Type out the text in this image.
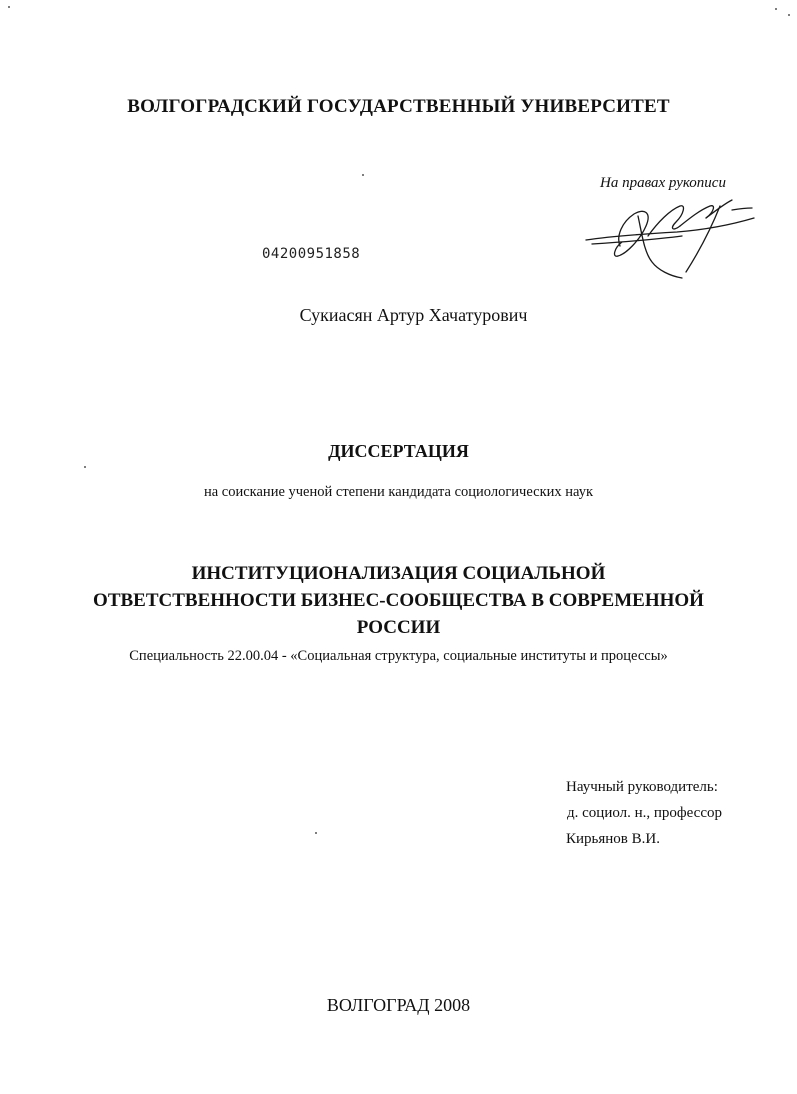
ВОЛГОГРАДСКИЙ ГОСУДАРСТВЕННЫЙ УНИВЕРСИТЕТ
На правах рукописи
04200951858
Сукиасян Артур Хачатурович
ДИССЕРТАЦИЯ
на соискание ученой степени кандидата социологических наук
ИНСТИТУЦИОНАЛИЗАЦИЯ СОЦИАЛЬНОЙ
ОТВЕТСТВЕННОСТИ БИЗНЕС-СООБЩЕСТВА В СОВРЕМЕННОЙ
РОССИИ
Специальность 22.00.04 - «Социальная структура, социальные институты и процессы»
Научный руководитель:
д. социол. н., профессор
Кирьянов В.И.
ВОЛГОГРАД 2008
